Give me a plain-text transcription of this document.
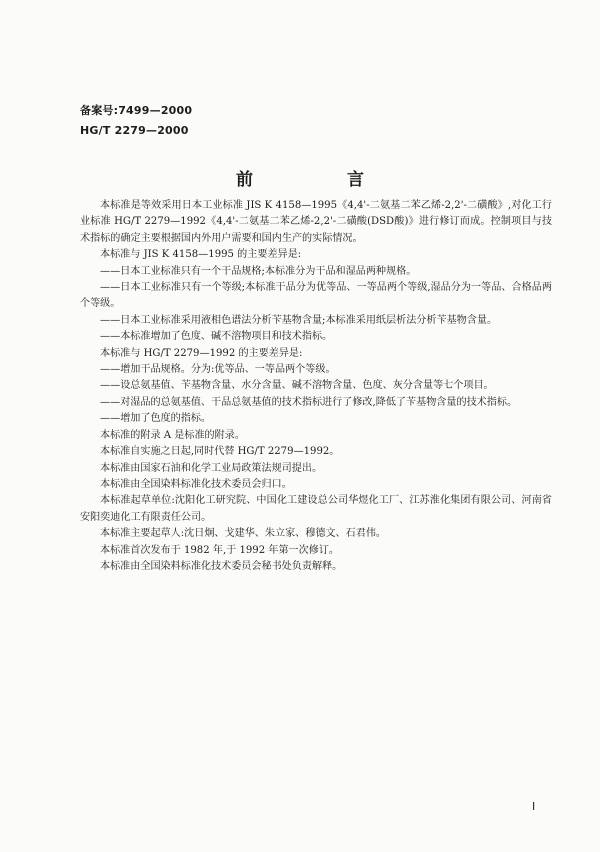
备案号:7499—2000
HG/T 2279—2000
前 言

本标准是等效采用日本工业标准 JIS K 4158—1995《4,4'-二氨基二苯乙烯-2,2'-二磺酸》,对化工行业标准 HG/T 2279—1992《4,4'-二氨基二苯乙烯-2,2'-二磺酸(DSD酸)》进行修订而成。控制项目与技术指标的确定主要根据国内外用户需要和国内生产的实际情况。

本标准与 JIS K 4158—1995 的主要差异是:

——日本工业标准只有一个干品规格;本标准分为干品和湿品两种规格。

——日本工业标准只有一个等级;本标准干品分为优等品、一等品两个等级,湿品分为一等品、合格品两个等级。

——日本工业标准采用液相色谱法分析苄基物含量;本标准采用纸层析法分析苄基物含量。

——本标准增加了色度、碱不溶物项目和技术指标。

本标准与 HG/T 2279—1992 的主要差异是:

——增加干品规格。分为:优等品、一等品两个等级。

——设总氨基值、苄基物含量、水分含量、碱不溶物含量、色度、灰分含量等七个项目。

——对湿品的总氨基值、干品总氨基值的技术指标进行了修改,降低了苄基物含量的技术指标。

——增加了色度的指标。

本标准的附录 A 是标准的附录。

本标准自实施之日起,同时代替 HG/T 2279—1992。

本标准由国家石油和化学工业局政策法规司提出。

本标准由全国染料标准化技术委员会归口。

本标准起草单位:沈阳化工研究院、中国化工建设总公司华煜化工厂、江苏淮化集团有限公司、河南省安阳奕迪化工有限责任公司。

本标准主要起草人:沈日炯、戈建华、朱立家、穆德文、石君伟。

本标准首次发布于 1982 年,于 1992 年第一次修订。

本标准由全国染料标准化技术委员会秘书处负责解释。

I
